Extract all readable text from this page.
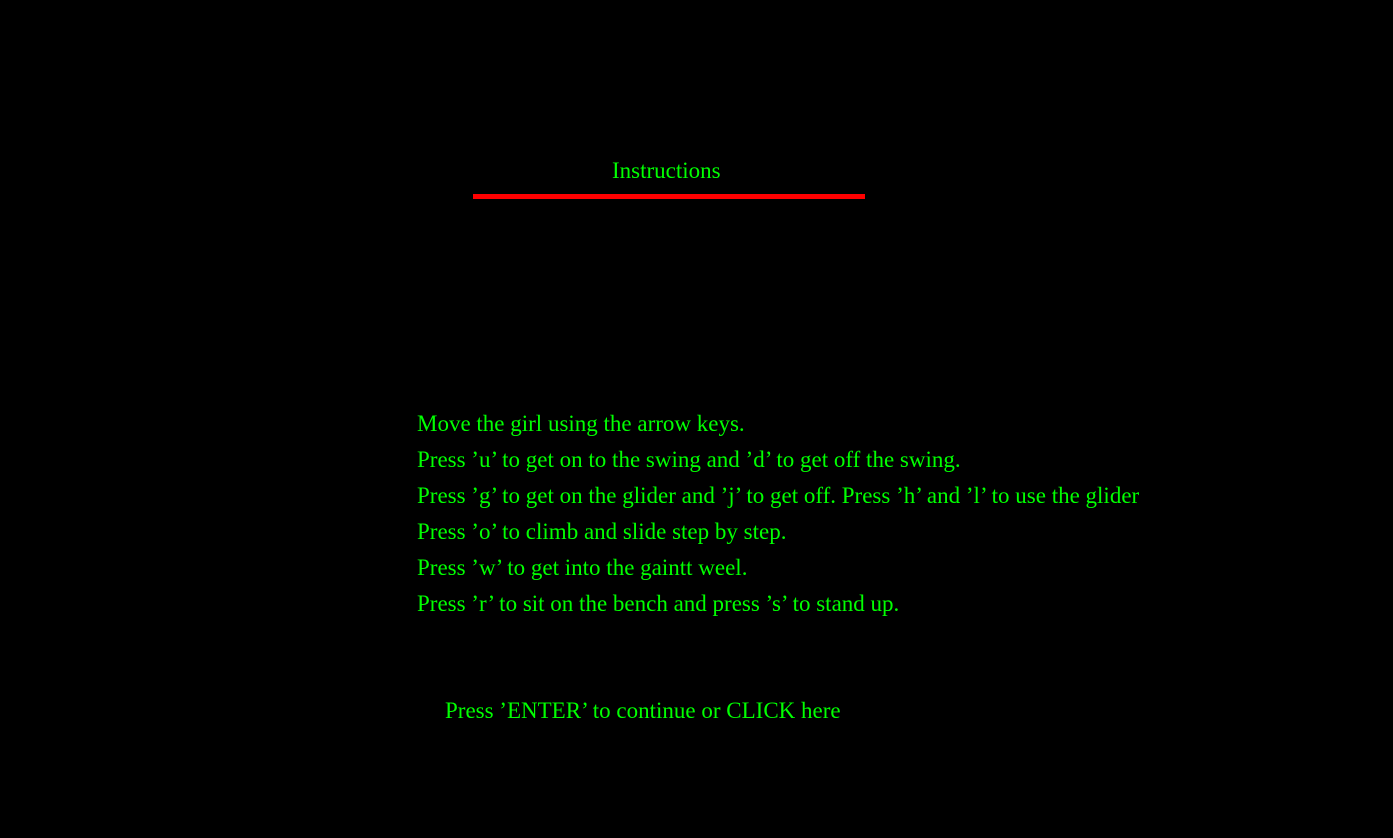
Instructions
Move the girl using the arrow keys.
Press ’u’ to get on to the swing and ’d’ to get off the swing.
Press ’g’ to get on the glider and ’j’ to get off. Press ’h’ and ’l’ to use the glider
Press ’o’ to climb and slide step by step.
Press ’w’ to get into the gaintt weel.
Press ’r’ to sit on the bench and press ’s’ to stand up.
Press ’ENTER’ to continue or CLICK here
